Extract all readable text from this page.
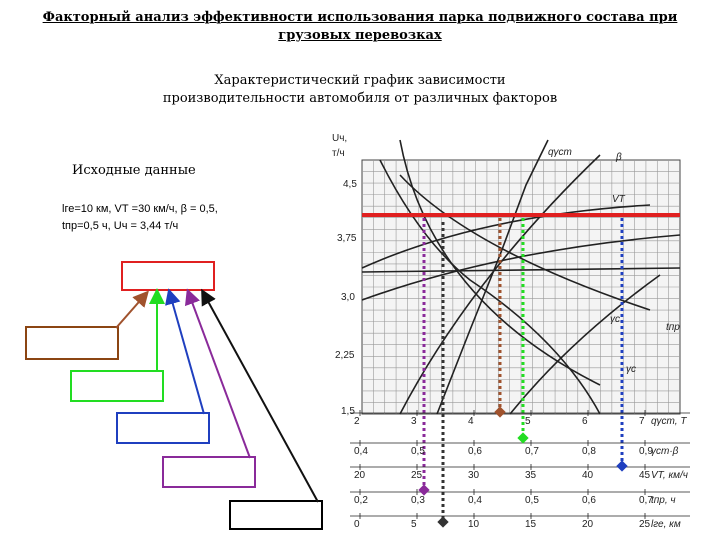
Факторный анализ эффективности использования парка подвижного состава при
грузовых перевозках
Характеристический график зависимости
производительности автомобиля от различных факторов
Исходные данные
lге=10 км, VТ =30 км/ч, β = 0,5,
tпр=0,5 ч, Uч = 3,44 т/ч
Uч,
т/ч
4,5
3,75
3,0
2,25
1,5
qγст	β
VТ
γс
tпр
γс
2	3	4	5	6	7 qγст, Т
0,4	0,5	0,6	0,7	0,8	0,9
γст·β
20	25	30	35	40	45 VТ, км/ч
0,2	0,3	0,4	0,5	0,6	0,7
tпр, ч
0	5	10	15	20	25 lге, км
